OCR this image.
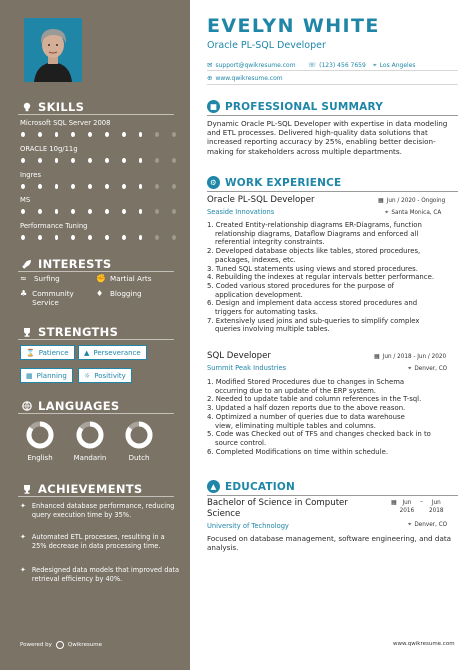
SKILLS
Microsoft SQL Server 2008
ORACLE 10g/11g
Ingres
MS
Performance Tuning
INTERESTS
≈	Surfing	✊ Martial Arts
♣ Community Service
♦ Blogging
STRENGTHS
⌛ Patience ▲ Perseverance
▦ Planning ☼ Positivity
LANGUAGES
English	Mandarin	Dutch
ACHIEVEMENTS
✦ Enhanced database performance, reducing query execution time by 35%.
✦ Automated ETL processes, resulting in a 25% decrease in data processing time.
✦ Redesigned data models that improved data retrieval efficiency by 40%.
Powered by	Qwikresume
EVELYN WHITE
Oracle PL-SQL Developer
✉ support@qwikresume.com ☏ (123) 456 7659 ⌖ Los Angeles
⊕ www.qwikresume.com
■ PROFESSIONAL SUMMARY
Dynamic Oracle PL-SQL Developer with expertise in data modeling and ETL processes. Delivered high-quality data solutions that increased reporting accuracy by 25%, enabling better decision-making for stakeholders across multiple departments.
⚙ WORK EXPERIENCE
Oracle PL-SQL Developer	▦ Jun / 2020 - Ongoing
Seaside Innovations	⌖ Santa Monica, CA
1. Created Entity-relationship diagrams ER-Diagrams, function
relationship diagrams, Dataflow Diagrams and enforced all
referential integrity constraints.
2. Developed database objects like tables, stored procedures,
packages, indexes, etc.
3. Tuned SQL statements using views and stored procedures.
4. Rebuilding the indexes at regular intervals better performance.
5. Coded various stored procedures for the purpose of
application development.
6. Design and implement data access stored procedures and
triggers for automating tasks.
7. Extensively used joins and sub-queries to simplify complex
queries involving multiple tables.
SQL Developer	▦ Jun / 2018 - Jun / 2020
Summit Peak Industries	⌖ Denver, CO
1. Modified Stored Procedures due to changes in Schema
occurring due to an update of the ERP system.
2. Needed to update table and column references in the T-sql.
3. Updated a half dozen reports due to the above reason.
4. Optimized a number of queries due to data warehouse
view, eliminating multiple tables and columns.
5. Code was Checked out of TFS and changes checked back in to
source control.
6. Completed Modifications on time within schedule.
▲ EDUCATION
Bachelor of Science in Computer
Science
▦	Jun
2016
–	Jun
2018
University of Technology	⌖ Denver, CO
Focused on database management, software engineering, and data analysis.
www.qwikresume.com
